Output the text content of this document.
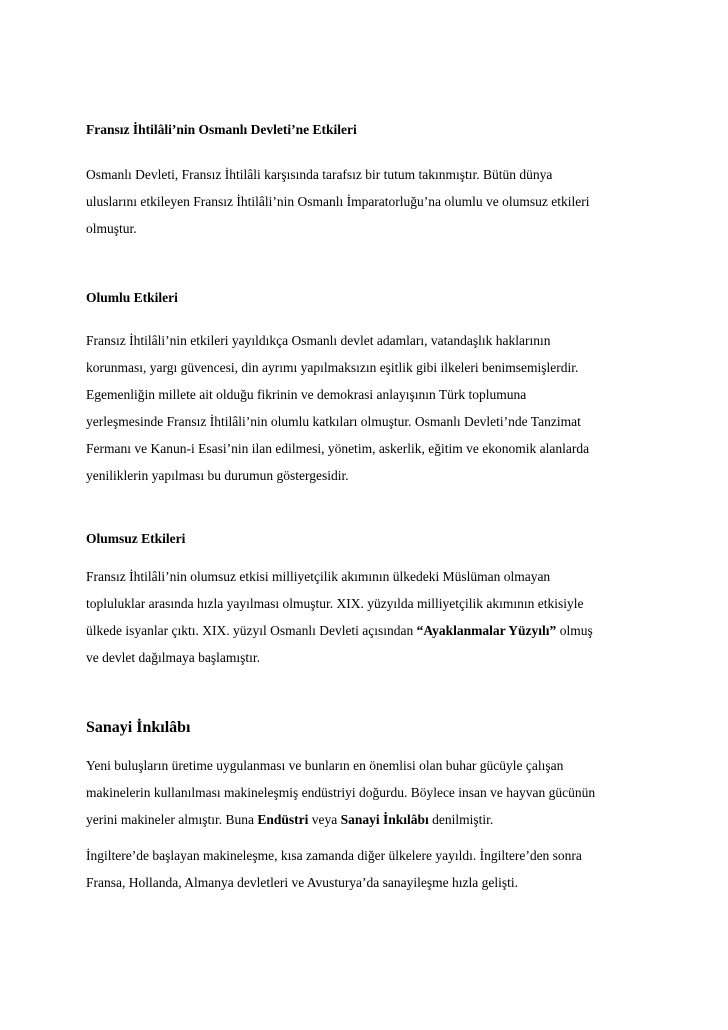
Fransız İhtilâli’nin Osmanlı Devleti’ne Etkileri

Osmanlı Devleti, Fransız İhtilâli karşısında tarafsız bir tutum takınmıştır. Bütün dünya
uluslarını etkileyen Fransız İhtilâli’nin Osmanlı İmparatorluğu’na olumlu ve olumsuz etkileri
olmuştur.

Olumlu Etkileri

Fransız İhtilâli’nin etkileri yayıldıkça Osmanlı devlet adamları, vatandaşlık haklarının
korunması, yargı güvencesi, din ayrımı yapılmaksızın eşitlik gibi ilkeleri benimsemişlerdir.
Egemenliğin millete ait olduğu fikrinin ve demokrasi anlayışının Türk toplumuna
yerleşmesinde Fransız İhtilâli’nin olumlu katkıları olmuştur. Osmanlı Devleti’nde Tanzimat
Fermanı ve Kanun-i Esasi’nin ilan edilmesi, yönetim, askerlik, eğitim ve ekonomik alanlarda
yeniliklerin yapılması bu durumun göstergesidir.

Olumsuz Etkileri

Fransız İhtilâli’nin olumsuz etkisi milliyetçilik akımının ülkedeki Müslüman olmayan
topluluklar arasında hızla yayılması olmuştur. XIX. yüzyılda milliyetçilik akımının etkisiyle
ülkede isyanlar çıktı. XIX. yüzyıl Osmanlı Devleti açısından “Ayaklanmalar Yüzyılı” olmuş
ve devlet dağılmaya başlamıştır.

Sanayi İnkılâbı

Yeni buluşların üretime uygulanması ve bunların en önemlisi olan buhar gücüyle çalışan
makinelerin kullanılması makineleşmiş endüstriyi doğurdu. Böylece insan ve hayvan gücünün
yerini makineler almıştır. Buna Endüstri veya Sanayi İnkılâbı denilmiştir.

İngiltere’de başlayan makineleşme, kısa zamanda diğer ülkelere yayıldı. İngiltere’den sonra
Fransa, Hollanda, Almanya devletleri ve Avusturya’da sanayileşme hızla gelişti.
